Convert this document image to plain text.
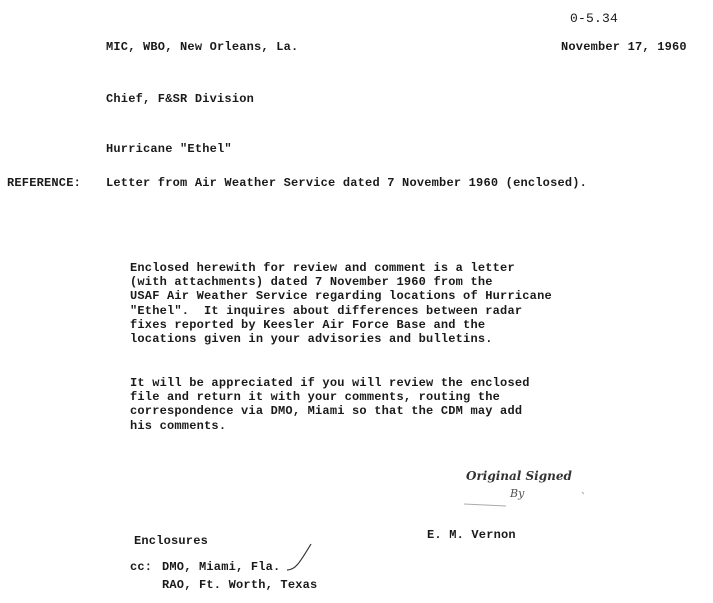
0-5.34
MIC, WBO, New Orleans, La.	November 17, 1960
Chief, F&SR Division
Hurricane "Ethel"
REFERENCE: Letter from Air Weather Service dated 7 November 1960 (enclosed).
Enclosed herewith for review and comment is a letter
(with attachments) dated 7 November 1960 from the
USAF Air Weather Service regarding locations of Hurricane
"Ethel".  It inquires about differences between radar
fixes reported by Keesler Air Force Base and the
locations given in your advisories and bulletins.
It will be appreciated if you will review the enclosed
file and return it with your comments, routing the
correspondence via DMO, Miami so that the CDM may add
his comments.
Original Signed
By
E. M. Vernon
Enclosures
cc: DMO, Miami, Fla.
RAO, Ft. Worth, Texas
